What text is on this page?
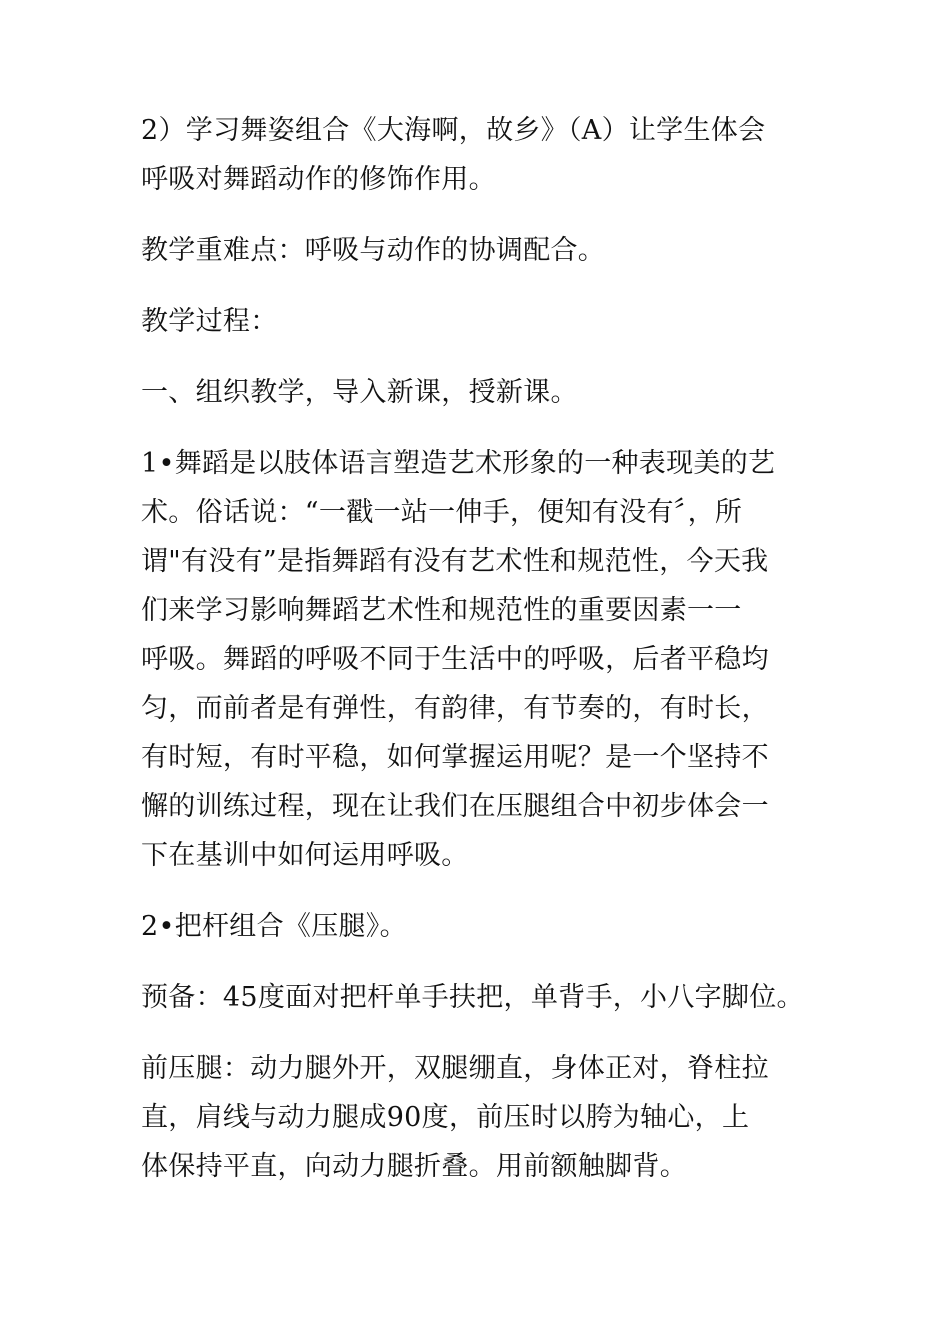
2）学习舞姿组合《大海啊，故乡》（A）让学生体会
呼吸对舞蹈动作的修饰作用。

教学重难点：呼吸与动作的协调配合。

教学过程：

一、组织教学，导入新课，授新课。

1•舞蹈是以肢体语言塑造艺术形象的一种表现美的艺
术。俗话说：“一戳一站一伸手，便知有没有〞，所
谓"有没有”是指舞蹈有没有艺术性和规范性，今天我
们来学习影响舞蹈艺术性和规范性的重要因素一一
呼吸。舞蹈的呼吸不同于生活中的呼吸，后者平稳均
匀，而前者是有弹性，有韵律，有节奏的，有时长，
有时短，有时平稳，如何掌握运用呢？是一个坚持不
懈的训练过程，现在让我们在压腿组合中初步体会一
下在基训中如何运用呼吸。

2•把杆组合《压腿》。

预备：45度面对把杆单手扶把，单背手，小八字脚位。

前压腿：动力腿外开，双腿绷直，身体正对，脊柱拉
直，肩线与动力腿成90度，前压时以胯为轴心，上
体保持平直，向动力腿折叠。用前额触脚背。
